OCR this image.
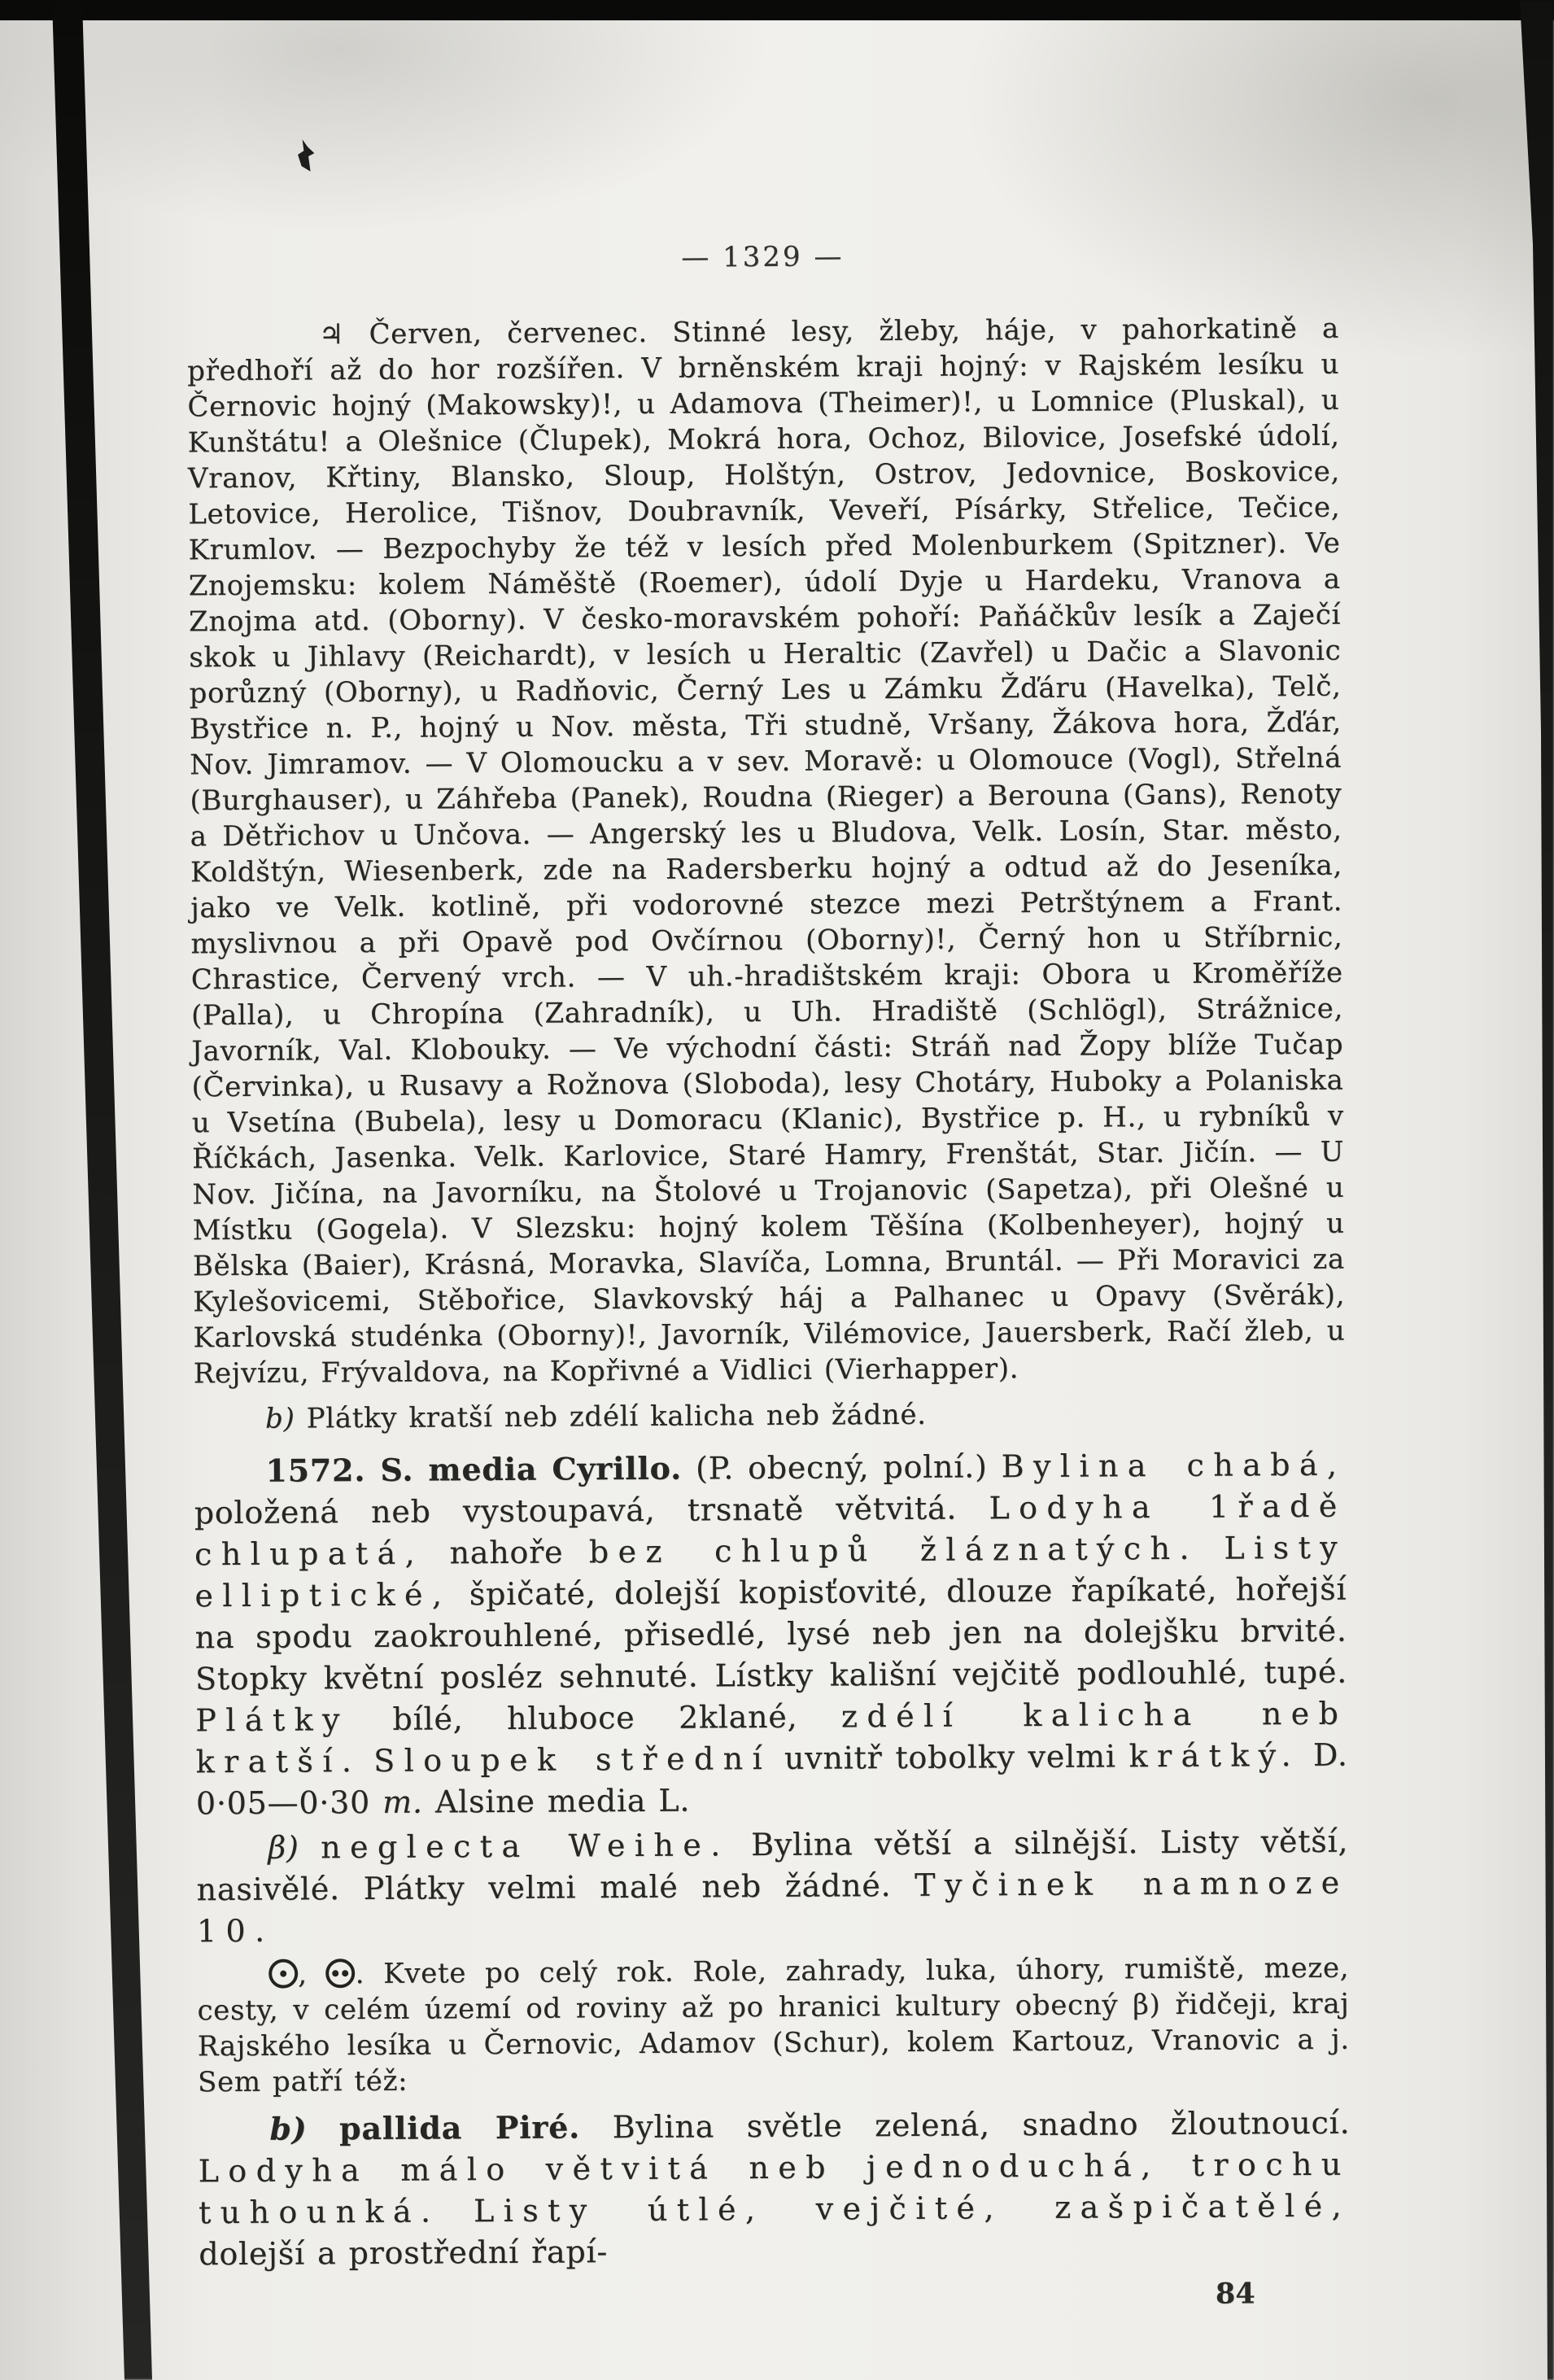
— 1329 —

♃ Červen, červenec. Stinné lesy, žleby, háje, v pahorkatině a předhoří až do hor rozšířen. V brněnském kraji hojný: v Rajském lesíku u Černovic hojný (Makowsky)!, u Adamova (Theimer)!, u Lomnice (Pluskal), u Kunštátu! a Olešnice (Člupek), Mokrá hora, Ochoz, Bilovice, Josefské údolí, Vranov, Křtiny, Blansko, Sloup, Holštýn, Ostrov, Jedovnice, Boskovice, Letovice, Herolice, Tišnov, Doubravník, Veveří, Písárky, Střelice, Tečice, Krumlov. — Bezpochyby že též v lesích před Molenburkem (Spitzner). Ve Znojemsku: kolem Náměště (Roemer), údolí Dyje u Hardeku, Vranova a Znojma atd. (Oborny). V česko-moravském pohoří: Paňáčkův lesík a Zaječí skok u Jihlavy (Reichardt), v lesích u Heraltic (Zavřel) u Dačic a Slavonic porůzný (Oborny), u Radňovic, Černý Les u Zámku Žďáru (Havelka), Telč, Bystřice n. P., hojný u Nov. města, Tři studně, Vršany, Žákova hora, Žďár, Nov. Jimramov. — V Olomoucku a v sev. Moravě: u Olomouce (Vogl), Střelná (Burghauser), u Záhřeba (Panek), Roudna (Rieger) a Berouna (Gans), Renoty a Dětřichov u Unčova. — Angerský les u Bludova, Velk. Losín, Star. město, Koldštýn, Wiesenberk, zde na Radersberku hojný a odtud až do Jeseníka, jako ve Velk. kotlině, při vodorovné stezce mezi Petrštýnem a Frant. myslivnou a při Opavě pod Ovčírnou (Oborny)!, Černý hon u Stříbrnic, Chrastice, Červený vrch. — V uh.-hradištském kraji: Obora u Kroměříže (Palla), u Chropína (Zahradník), u Uh. Hradiště (Schlögl), Strážnice, Javorník, Val. Klobouky. — Ve východní části: Stráň nad Žopy blíže Tučap (Červinka), u Rusavy a Rožnova (Sloboda), lesy Chotáry, Huboky a Polaniska u Vsetína (Bubela), lesy u Domoracu (Klanic), Bystřice p. H., u rybníků v Říčkách, Jasenka. Velk. Karlovice, Staré Hamry, Frenštát, Star. Jičín. — U Nov. Jičína, na Javorníku, na Štolové u Trojanovic (Sapetza), při Olešné u Místku (Gogela). V Slezsku: hojný kolem Těšína (Kolbenheyer), hojný u Bělska (Baier), Krásná, Moravka, Slavíča, Lomna, Bruntál. — Při Moravici za Kylešovicemi, Stěbořice, Slavkovský háj a Palhanec u Opavy (Svěrák), Karlovská studénka (Oborny)!, Javorník, Vilémovice, Jauersberk, Račí žleb, u Rejvízu, Frývaldova, na Kopřivné a Vidlici (Vierhapper).

b) Plátky kratší neb zdélí kalicha neb žádné.

1572. S. media Cyrillo. (P. obecný, polní.) Bylina chabá, položená neb vystoupavá, trsnatě větvitá. Lodyha 1řadě chlupatá, nahoře bez chlupů žláznatých. Listy elliptické, špičaté, dolejší kopisťovité, dlouze řapíkaté, hořejší na spodu zaokrouhlené, přisedlé, lysé neb jen na dolejšku brvité. Stopky květní posléz sehnuté. Lístky kališní vejčitě podlouhlé, tupé. Plátky bílé, hluboce 2klané, zdélí kalicha neb kratší. Sloupek střední uvnitř tobolky velmi krátký. D. 0·05—0·30 m. Alsine media L.

β) neglecta Weihe. Bylina větší a silnější. Listy větší, nasivělé. Plátky velmi malé neb žádné. Tyčinek namnoze 10.

, . Kvete po celý rok. Role, zahrady, luka, úhory, rumiště, meze, cesty, v celém území od roviny až po hranici kultury obecný β) řidčeji, kraj Rajského lesíka u Černovic, Adamov (Schur), kolem Kartouz, Vranovic a j. Sem patří též:

b) pallida Piré. Bylina světle zelená, snadno žloutnoucí. Lodyha málo větvitá neb jednoduchá, trochu tuhounká. Listy útlé, vejčité, zašpičatělé, dolejší a prostřední řapí-

84
